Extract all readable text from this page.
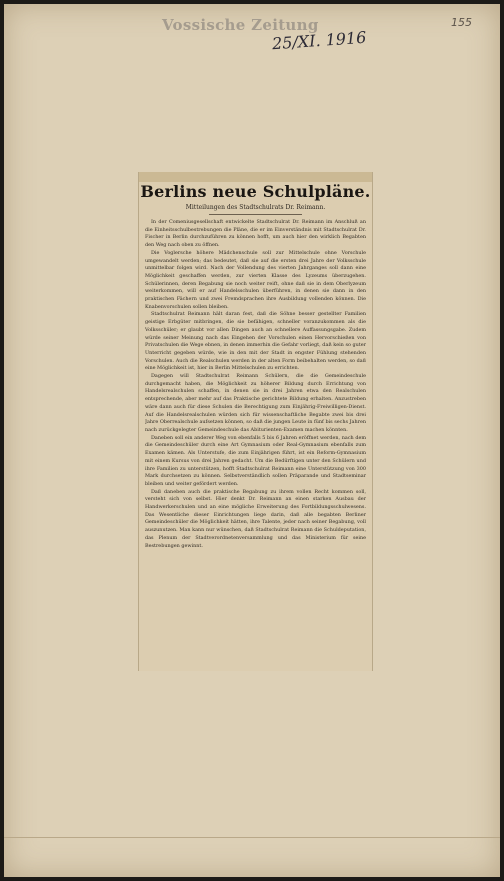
Vossische Zeitung
25/XI. 1916
155
Berlins neue Schulpläne.
Mitteilungen des Stadtschulrats Dr. Reimann.

In der Comeniusgesellschaft entwickelte Stadtschulrat Dr. Reimann im Anschluß an die Einheitsschulbestrebungen die Pläne, die er im Einverständnis mit Stadtschulrat Dr. Fischer in Berlin durchzuführen zu können hofft, um auch hier den wirklich Begabten den Weg nach oben zu öffnen.

Die Voglersche höhere Mädchenschule soll zur Mittelschule ohne Vorschule umgewandelt werden; das bedeutet, daß sie auf die ersten drei Jahre der Volksschule unmittelbar folgen wird. Nach der Vollendung des vierten Jahrganges soll dann eine Möglichkeit geschaffen werden, zur vierten Klasse des Lyzeums überzugehen. Schülerinnen, deren Begabung sie noch weiter reift, ohne daß sie in dem Oberlyzeum weiterkommen, will er auf Handelsschulen überführen, in denen sie dann in den praktischen Fächern und zwei Fremdsprachen ihre Ausbildung vollenden können. Die Knabenvorschulen sollen bleiben.

Stadtschulrat Reimann hält daran fest, daß die Söhne besser gestellter Familien geistige Erbgüter mitbringen, die sie befähigen, schneller voranzukommen als die Volksschüler; er glaubt vor allen Dingen auch an schnellere Auffassungsgabe. Zudem würde seiner Meinung nach das Eingehen der Vorschulen einen Hervorschießen von Privatschulen die Wege ebnen, in denen immerhin die Gefahr vorliegt, daß kein so guter Unterricht gegeben würde, wie in den mit der Stadt in engster Fühlung stehenden Vorschulen. Auch die Realschulen werden in der alten Form beibehalten werden, so daß eine Möglichkeit ist, hier in Berlin Mittelschulen zu errichten.

Dagegen will Stadtschulrat Reimann Schülern, die die Gemeindeschule durchgemacht haben, die Möglichkeit zu höherer Bildung durch Errichtung von Handelsrealschulen schaffen, in denen sie in drei Jahren etwa den Realschulen entsprechende, aber mehr auf das Praktische gerichtete Bildung erhalten. Anzustreben wäre dann auch für diese Schulen die Berechtigung zum Einjährig-Freiwilligen-Dienst. Auf die Handelsrealschulen würden sich für wissenschaftliche Begabte zwei bis drei Jahre Oberrealschule aufsetzen können, so daß die jungen Leute in fünf bis sechs Jahren nach zurückgelegter Gemeindeschule das Abiturienten-Examen machen könnten.

Daneben soll ein anderer Weg von ebenfalls 5 bis 6 Jahren eröffnet werden, nach dem die Gemeindeschüler durch eine Art Gymnasium oder Real-Gymnasium ebenfalls zum Examen kämen. Als Unterstufe, die zum Einjährigen führt, ist ein Reform-Gymnasium mit einem Kursus von drei Jahren gedacht. Um die Bedürftigen unter den Schülern und ihre Familien zu unterstützen, hofft Stadtschulrat Reimann eine Unterstützung von 300 Mark durchsetzen zu können. Selbstverständlich sollen Präparande und Stadtseminar bleiben und weiter gefördert werden.

Daß daneben auch die praktische Begabung zu ihrem vollen Recht kommen soll, versteht sich von selbst. Hier denkt Dr. Reimann an einen starken Ausbau der Handwerkerschulen und an eine mögliche Erweiterung des Fortbildungsschulwesens. Das Wesentliche dieser Einrichtungen liege darin, daß alle begabten Berliner Gemeindeschüler die Möglichkeit hätten, ihre Talente, jeder nach seiner Begabung, voll auszunutzen. Man kann nur wünschen, daß Stadtschulrat Reimann die Schuldeputation, das Plenum der Stadtverordnetenversammlung und das Ministerium für seine Bestrebungen gewinnt.
